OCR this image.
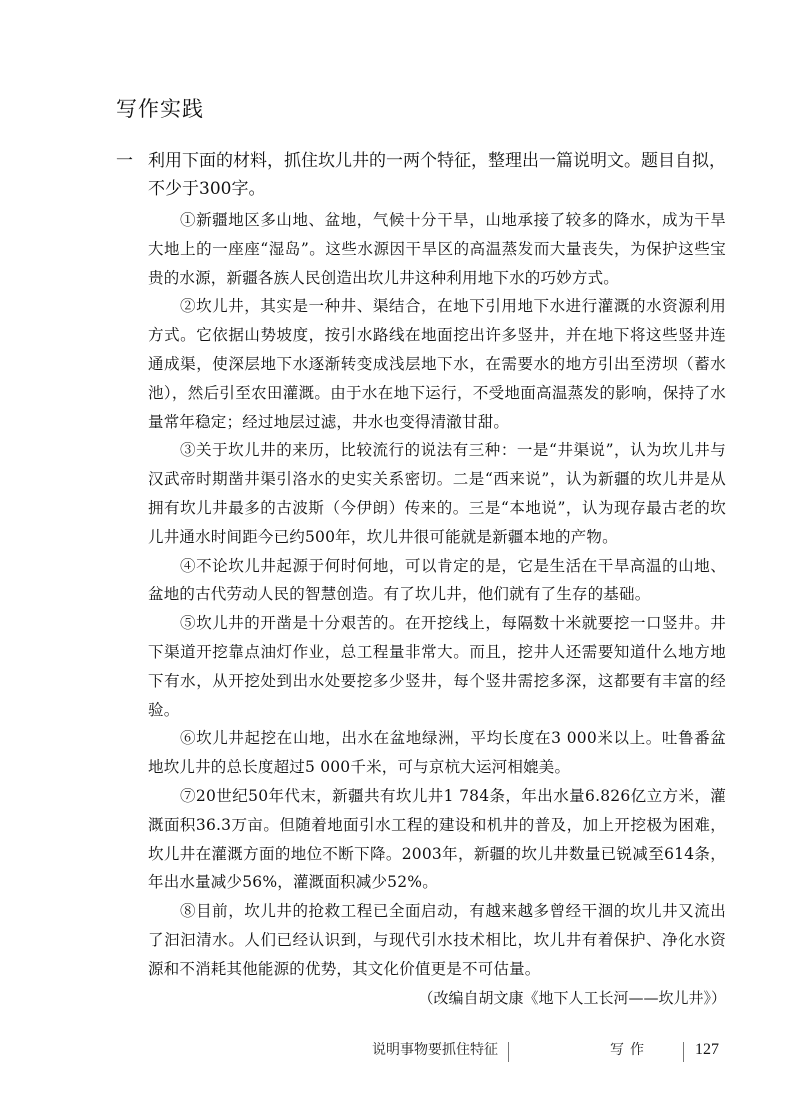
写作实践
一 利用下面的材料，抓住坎儿井的一两个特征，整理出一篇说明文。题目自拟，不少于300字。

①新疆地区多山地、盆地，气候十分干旱，山地承接了较多的降水，成为干旱大地上的一座座“湿岛”。这些水源因干旱区的高温蒸发而大量丧失，为保护这些宝贵的水源，新疆各族人民创造出坎儿井这种利用地下水的巧妙方式。

②坎儿井，其实是一种井、渠结合，在地下引用地下水进行灌溉的水资源利用方式。它依据山势坡度，按引水路线在地面挖出许多竖井，并在地下将这些竖井连通成渠，使深层地下水逐渐转变成浅层地下水，在需要水的地方引出至涝坝（蓄水池），然后引至农田灌溉。由于水在地下运行，不受地面高温蒸发的影响，保持了水量常年稳定；经过地层过滤，井水也变得清澈甘甜。

③关于坎儿井的来历，比较流行的说法有三种：一是“井渠说”，认为坎儿井与汉武帝时期凿井渠引洛水的史实关系密切。二是“西来说”，认为新疆的坎儿井是从拥有坎儿井最多的古波斯（今伊朗）传来的。三是“本地说”，认为现存最古老的坎儿井通水时间距今已约500年，坎儿井很可能就是新疆本地的产物。

④不论坎儿井起源于何时何地，可以肯定的是，它是生活在干旱高温的山地、盆地的古代劳动人民的智慧创造。有了坎儿井，他们就有了生存的基础。

⑤坎儿井的开凿是十分艰苦的。在开挖线上，每隔数十米就要挖一口竖井。井下渠道开挖靠点油灯作业，总工程量非常大。而且，挖井人还需要知道什么地方地下有水，从开挖处到出水处要挖多少竖井，每个竖井需挖多深，这都要有丰富的经验。

⑥坎儿井起挖在山地，出水在盆地绿洲，平均长度在3 000米以上。吐鲁番盆地坎儿井的总长度超过5 000千米，可与京杭大运河相媲美。

⑦20世纪50年代末，新疆共有坎儿井1 784条，年出水量6.826亿立方米，灌溉面积36.3万亩。但随着地面引水工程的建设和机井的普及，加上开挖极为困难，坎儿井在灌溉方面的地位不断下降。2003年，新疆的坎儿井数量已锐减至614条，年出水量减少56%，灌溉面积减少52%。

⑧目前，坎儿井的抢救工程已全面启动，有越来越多曾经干涸的坎儿井又流出了汩汩清水。人们已经认识到，与现代引水技术相比，坎儿井有着保护、净化水资源和不消耗其他能源的优势，其文化价值更是不可估量。

（改编自胡文康《地下人工长河——坎儿井》）

说明事物要抓住特征	写作	127
